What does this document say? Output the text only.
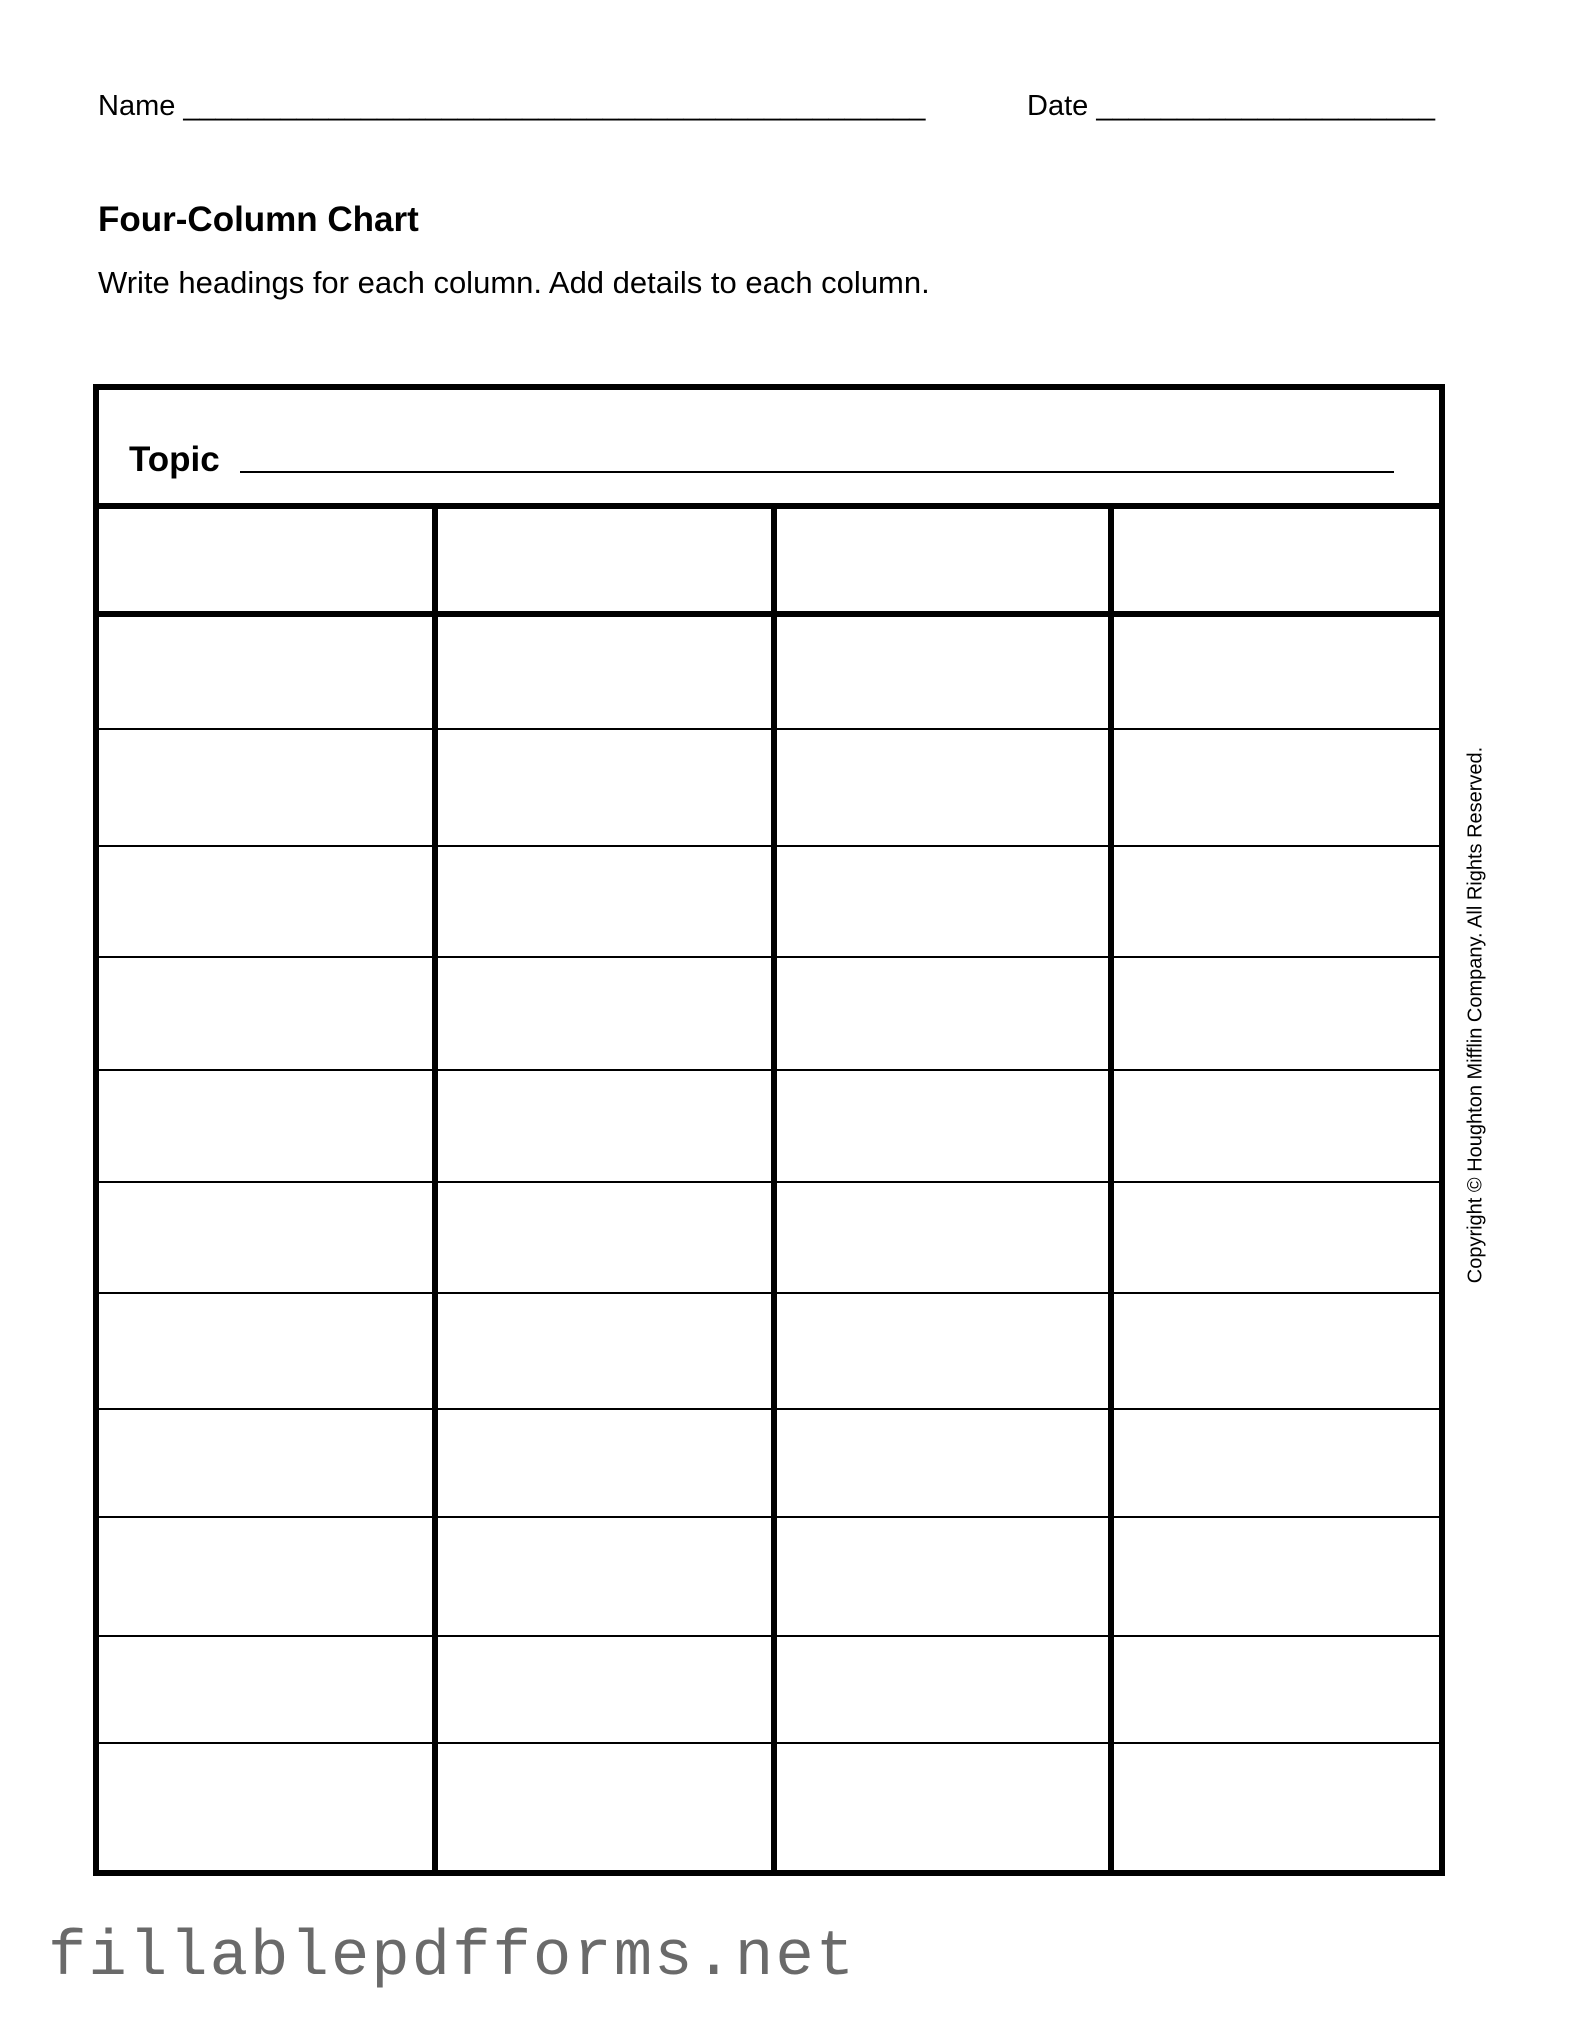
Name ______________________________________________	Date _____________________
Four-Column Chart

Write headings for each column. Add details to each column.

Topic
Copyright © Houghton Mifflin Company. All Rights Reserved.
fillablepdfforms.net
